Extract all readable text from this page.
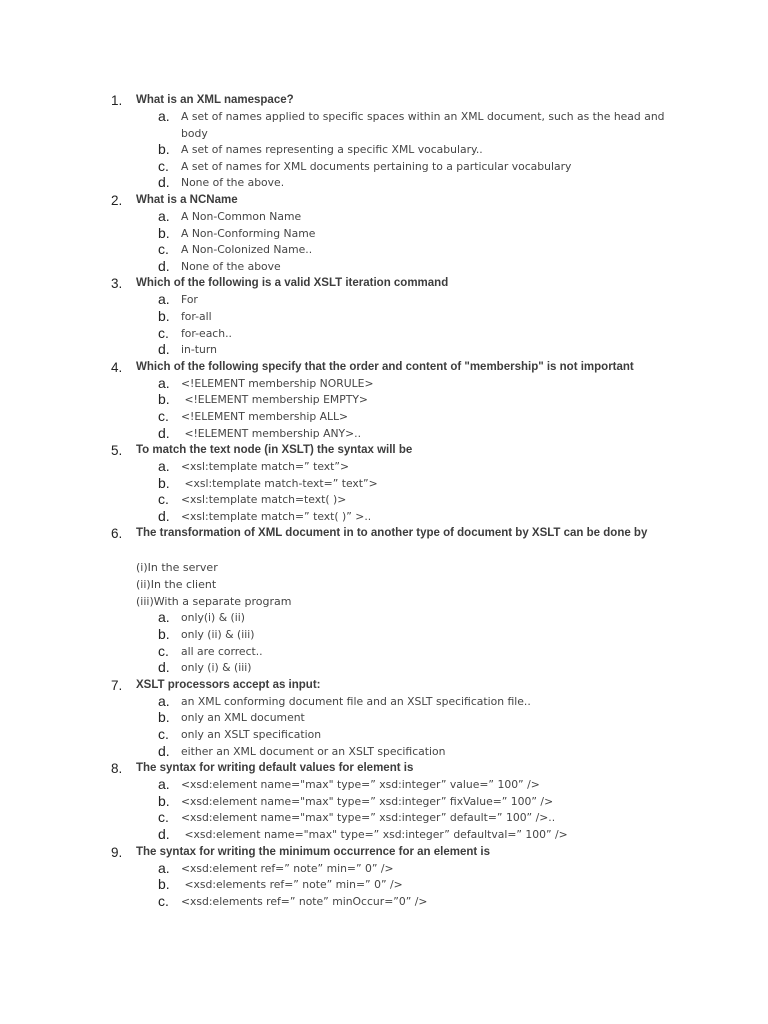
1. What is an XML namespace?
a. A set of names applied to specific spaces within an XML document, such as the head and body
b. A set of names representing a specific XML vocabulary..
c. A set of names for XML documents pertaining to a particular vocabulary
d. None of the above.
2. What is a NCName
a. A Non-Common Name
b. A Non-Conforming Name
c. A Non-Colonized Name..
d. None of the above
3. Which of the following is a valid XSLT iteration command
a. For
b. for-all
c. for-each..
d. in-turn
4. Which of the following specify that the order and content of "membership" is not important
a. <!ELEMENT membership NORULE>
b. <!ELEMENT membership EMPTY>
c. <!ELEMENT membership ALL>
d. <!ELEMENT membership ANY>..
5. To match the text node (in XSLT) the syntax will be
a. <xsl:template match=” text”>
b. <xsl:template match-text=” text”>
c. <xsl:template match=text( )>
d. <xsl:template match=” text( )” >..
6. The transformation of XML document in to another type of document by XSLT can be done by
(i)In the server
(ii)In the client
(iii)With a separate program
a. only(i) & (ii)
b. only (ii) & (iii)
c. all are correct..
d. only (i) & (iii)
7. XSLT processors accept as input:
a. an XML conforming document file and an XSLT specification file..
b. only an XML document
c. only an XSLT specification
d. either an XML document or an XSLT specification
8. The syntax for writing default values for element is
a. <xsd:element name="max" type=” xsd:integer” value=” 100” />
b. <xsd:element name="max" type=” xsd:integer” fixValue=” 100” />
c. <xsd:element name="max" type=” xsd:integer” default=” 100” />..
d. <xsd:element name="max" type=” xsd:integer” defaultval=” 100” />
9. The syntax for writing the minimum occurrence for an element is
a. <xsd:element ref=” note” min=” 0” />
b. <xsd:elements ref=” note” min=” 0” />
c. <xsd:elements ref=” note” minOccur=”0” />
